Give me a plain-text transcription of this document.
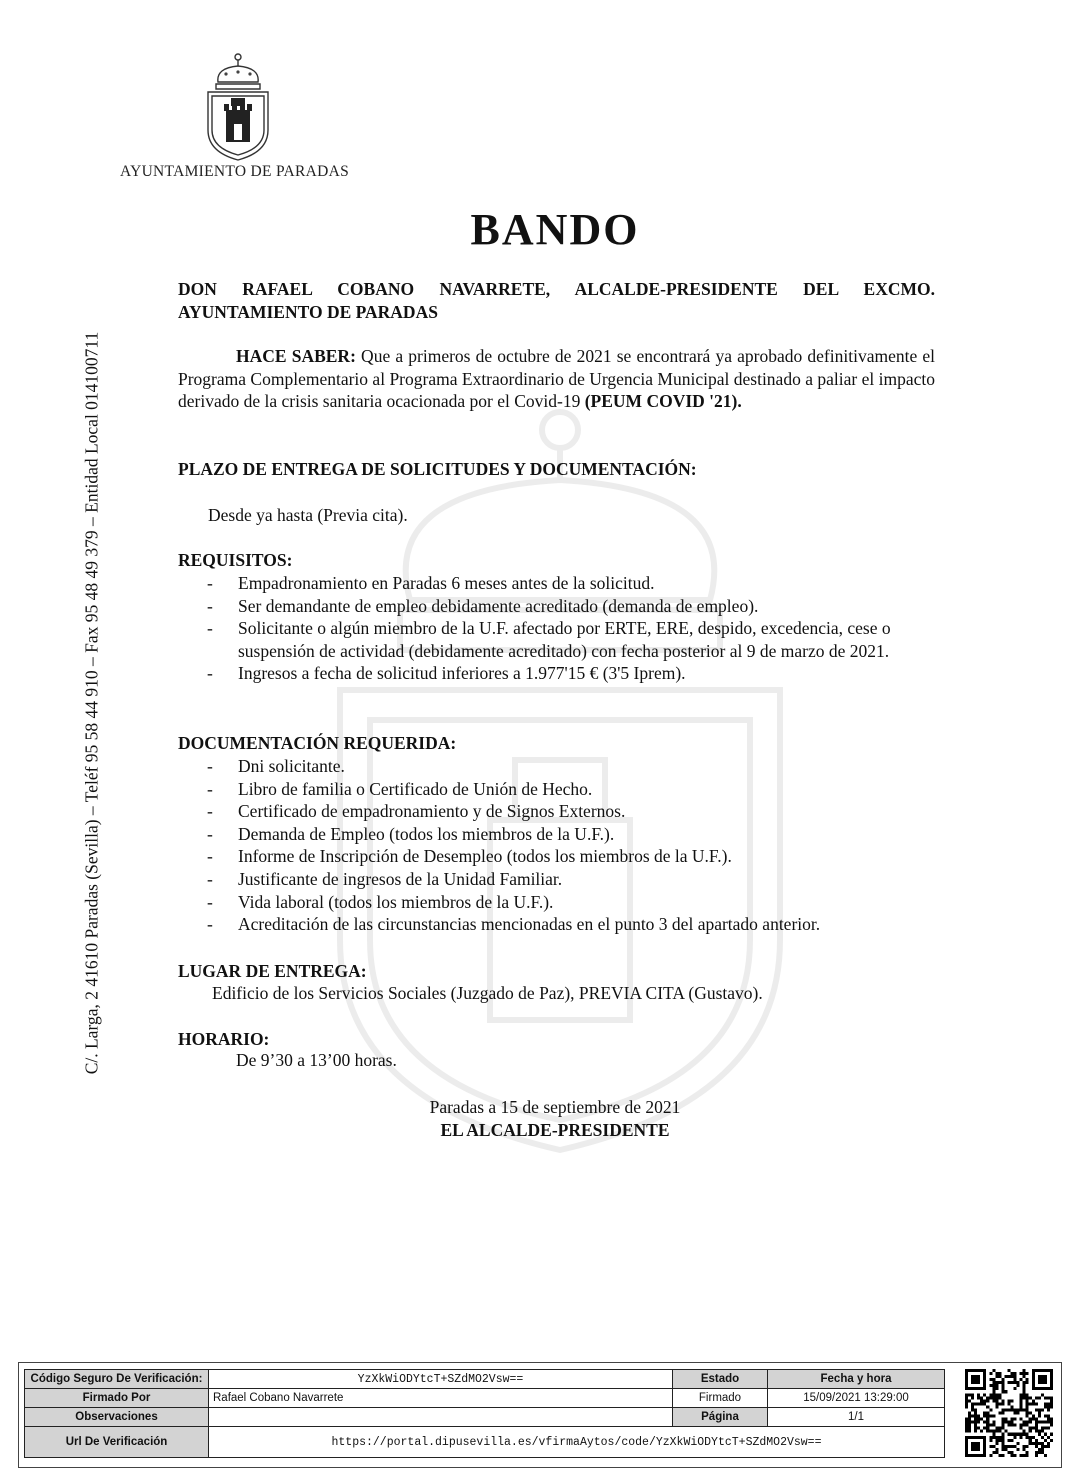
AYUNTAMIENTO DE PARADAS
C/. Larga, 2 41610 Paradas (Sevilla) – Teléf 95 58 44 910 – Fax 95 48 49 379 – Entidad Local 014100711
BANDO
DON RAFAEL COBANO NAVARRETE, ALCALDE-PRESIDENTE DEL EXCMO. AYUNTAMIENTO DE PARADAS
HACE SABER: Que a primeros de octubre de 2021 se encontrará ya aprobado definitivamente el Programa Complementario al Programa Extraordinario de Urgencia Municipal destinado a paliar el impacto derivado de la crisis sanitaria ocacionada por el Covid-19 (PEUM COVID '21).
PLAZO DE ENTREGA DE SOLICITUDES Y DOCUMENTACIÓN:
Desde ya hasta (Previa cita).
REQUISITOS:
- Empadronamiento en Paradas 6 meses antes de la solicitud.
- Ser demandante de empleo debidamente acreditado (demanda de empleo).
- Solicitante o algún miembro de la U.F. afectado por ERTE, ERE, despido, excedencia, cese o suspensión de actividad (debidamente acreditado) con fecha posterior al 9 de marzo de 2021.
- Ingresos a fecha de solicitud inferiores a 1.977'15 € (3'5 Iprem).
DOCUMENTACIÓN REQUERIDA:
- Dni solicitante.
- Libro de familia o Certificado de Unión de Hecho.
- Certificado de empadronamiento y de Signos Externos.
- Demanda de Empleo (todos los miembros de la U.F.).
- Informe de Inscripción de Desempleo (todos los miembros de la U.F.).
- Justificante de ingresos de la Unidad Familiar.
- Vida laboral (todos los miembros de la U.F.).
- Acreditación de las circunstancias mencionadas en el punto 3 del apartado anterior.
LUGAR DE ENTREGA:
Edificio de los Servicios Sociales (Juzgado de Paz), PREVIA CITA (Gustavo).
HORARIO:
De 9’30 a 13’00 horas.
Paradas a 15 de septiembre de 2021
EL ALCALDE-PRESIDENTE
Código Seguro De Verificación:	YzXkWiODYtcT+SZdMO2Vsw==	Estado	Fecha y hora
Firmado Por	Rafael Cobano Navarrete	Firmado	15/09/2021 13:29:00
Observaciones		Página	1/1
Url De Verificación	https://portal.dipusevilla.es/vfirmaAytos/code/YzXkWiODYtcT+SZdMO2Vsw==		
